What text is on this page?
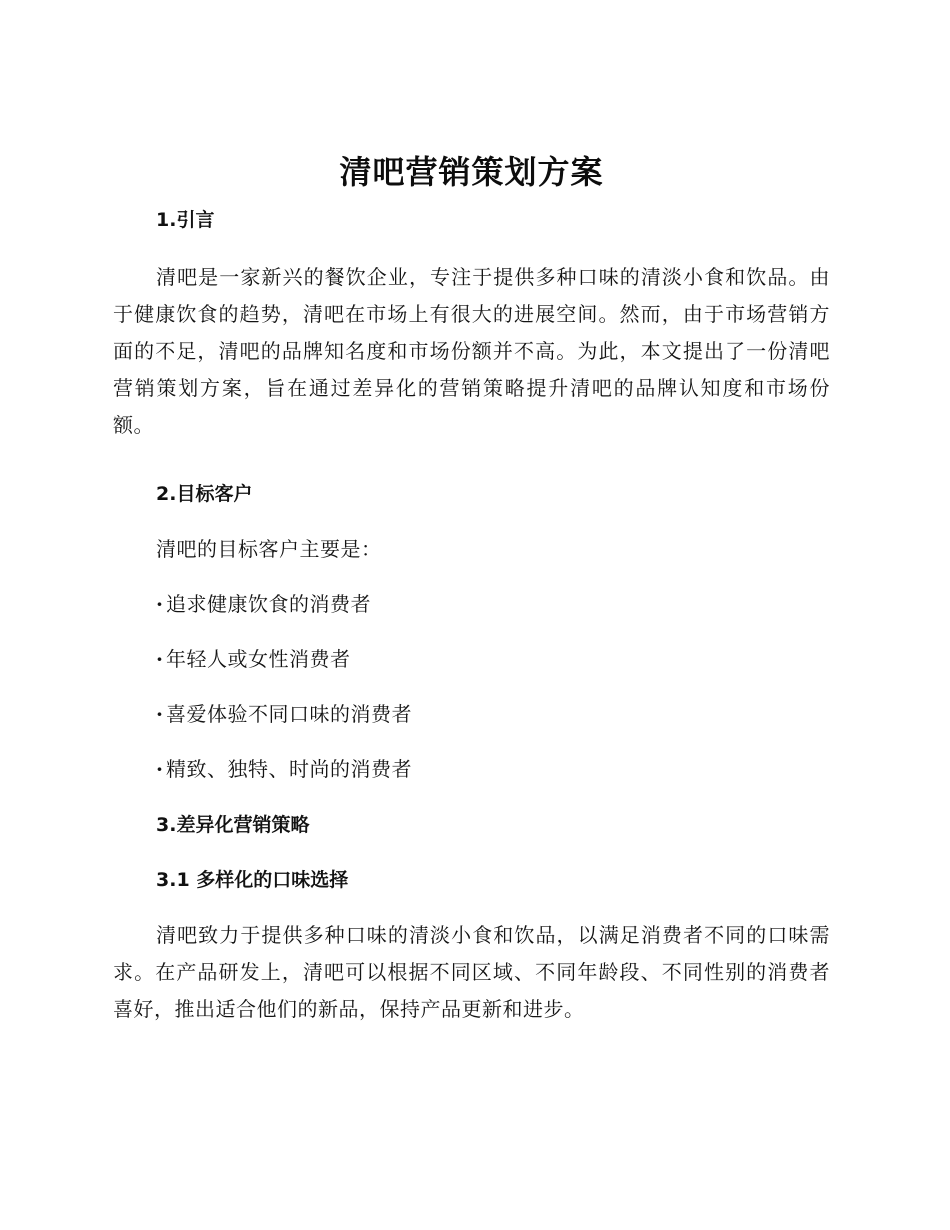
清吧营销策划方案
1.引言

清吧是一家新兴的餐饮企业，专注于提供多种口味的清淡小食和饮品。由于健康饮食的趋势，清吧在市场上有很大的进展空间。然而，由于市场营销方面的不足，清吧的品牌知名度和市场份额并不高。为此，本文提出了一份清吧营销策划方案，旨在通过差异化的营销策略提升清吧的品牌认知度和市场份额。

2.目标客户

清吧的目标客户主要是：

· 追求健康饮食的消费者
· 年轻人或女性消费者
· 喜爱体验不同口味的消费者
· 精致、独特、时尚的消费者
3.差异化营销策略
3.1 多样化的口味选择

清吧致力于提供多种口味的清淡小食和饮品，以满足消费者不同的口味需求。在产品研发上，清吧可以根据不同区域、不同年龄段、不同性别的消费者喜好，推出适合他们的新品，保持产品更新和进步。
